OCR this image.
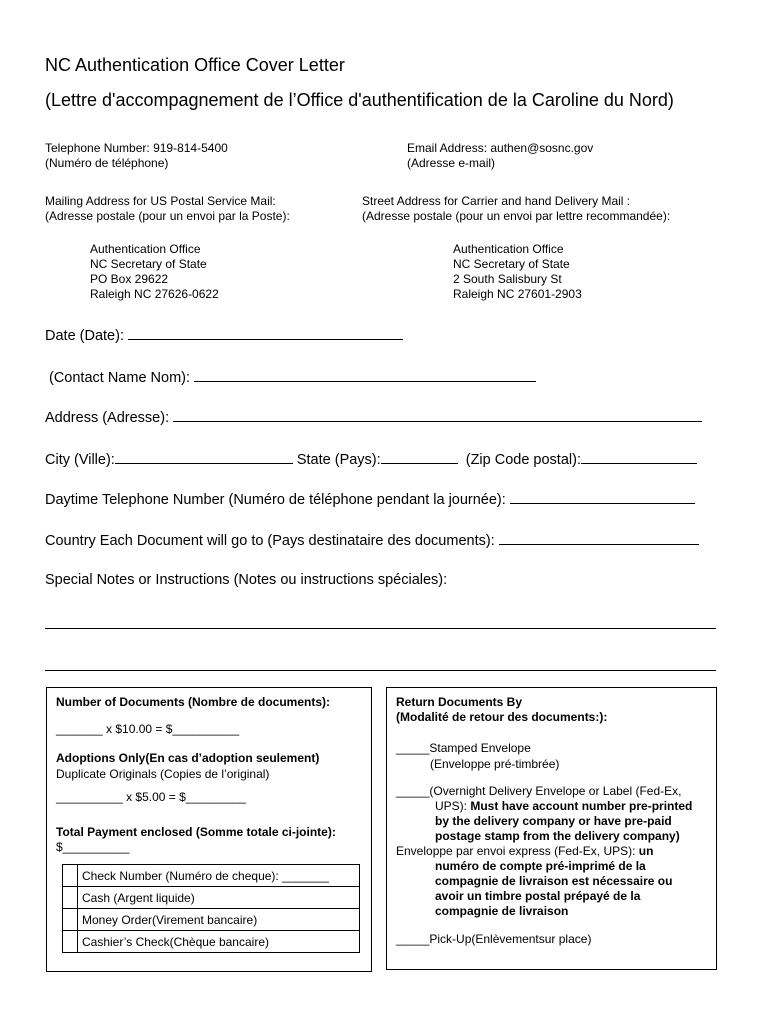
NC Authentication Office Cover Letter
(Lettre d'accompagnement de l’Office d'authentification de la Caroline du Nord)
Telephone Number: 919-814-5400
(Numéro de téléphone)
Email Address: authen@sosnc.gov
(Adresse e-mail)
Mailing Address for US Postal Service Mail:
(Adresse postale (pour un envoi par la Poste):
Authentication Office
NC Secretary of State
PO Box 29622
Raleigh NC 27626-0622
Street Address for Carrier and hand Delivery Mail :
(Adresse postale (pour un envoi par lettre recommandée):
Authentication Office
NC Secretary of State
2 South Salisbury St
Raleigh NC 27601-2903
Date (Date):
(Contact Name Nom):
Address (Adresse):
City (Ville):	State (Pays):	(Zip Code postal):
Daytime Telephone Number (Numéro de téléphone pendant la journée):
Country Each Document will go to (Pays destinataire des documents):
Special Notes or Instructions (Notes ou instructions spéciales):
Number of Documents (Nombre de documents):
_______ x $10.00 = $__________
Adoptions Only(En cas d’adoption seulement)
Duplicate Originals (Copies de l’original)
__________ x $5.00 = $_________
Total Payment enclosed (Somme totale ci-jointe):
$__________
	Check Number (Numéro de cheque): _______
	Cash (Argent liquide)
	Money Order(Virement bancaire)
	Cashier’s Check(Chèque bancaire)
Return Documents By
(Modalité de retour des documents:):
_____Stamped Envelope
(Enveloppe pré-timbrée)
_____(Overnight Delivery Envelope or Label (Fed-Ex,
UPS): Must have account number pre-printed
by the delivery company or have pre-paid
postage stamp from the delivery company)
Enveloppe par envoi express (Fed-Ex, UPS): un
numéro de compte pré-imprimé de la
compagnie de livraison est nécessaire ou
avoir un timbre postal prépayé de la
compagnie de livraison
_____Pick-Up(Enlèvementsur place)
